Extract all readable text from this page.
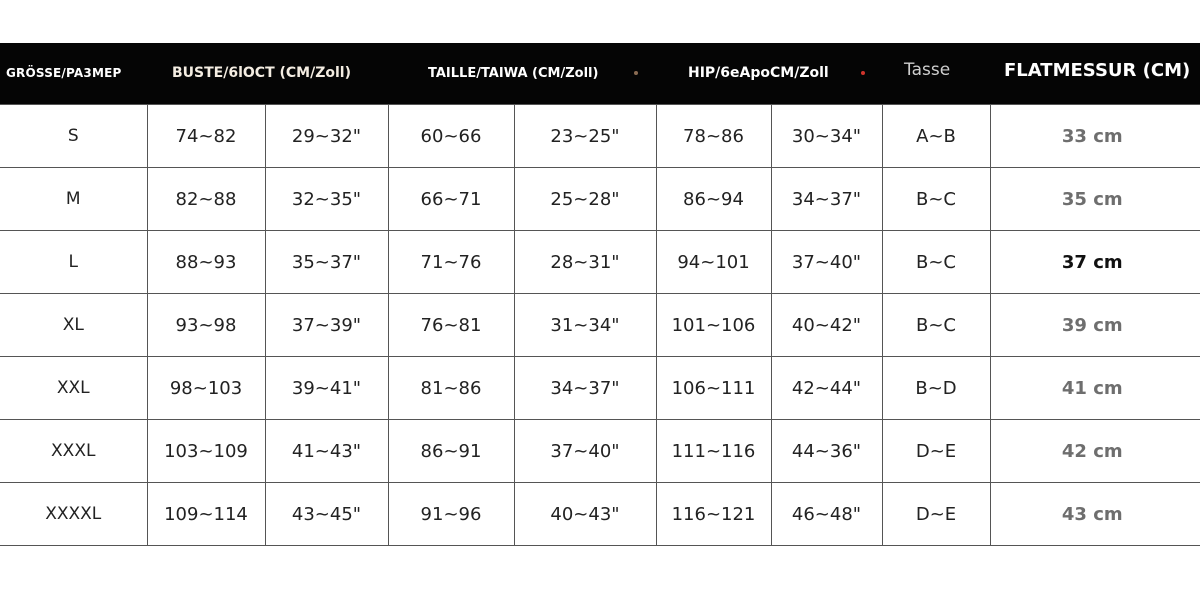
GRÖSSE/PA3MEP	BUSTE/6lOCT (CM/Zoll)	TAILLE/TAIWA (CM/Zoll)	HIP/6eApoCM/Zoll	Tasse	FLATMESSUR (CM)
S	74~82	29~32"	60~66	23~25"	78~86	30~34"	A~B	33 cm
M	82~88	32~35"	66~71	25~28"	86~94	34~37"	B~C	35 cm
L	88~93	35~37"	71~76	28~31"	94~101	37~40"	B~C	37 cm
XL	93~98	37~39"	76~81	31~34"	101~106	40~42"	B~C	39 cm
XXL	98~103	39~41"	81~86	34~37"	106~111	42~44"	B~D	41 cm
XXXL	103~109	41~43"	86~91	37~40"	111~116	44~36"	D~E	42 cm
XXXXL	109~114	43~45"	91~96	40~43"	116~121	46~48"	D~E	43 cm
